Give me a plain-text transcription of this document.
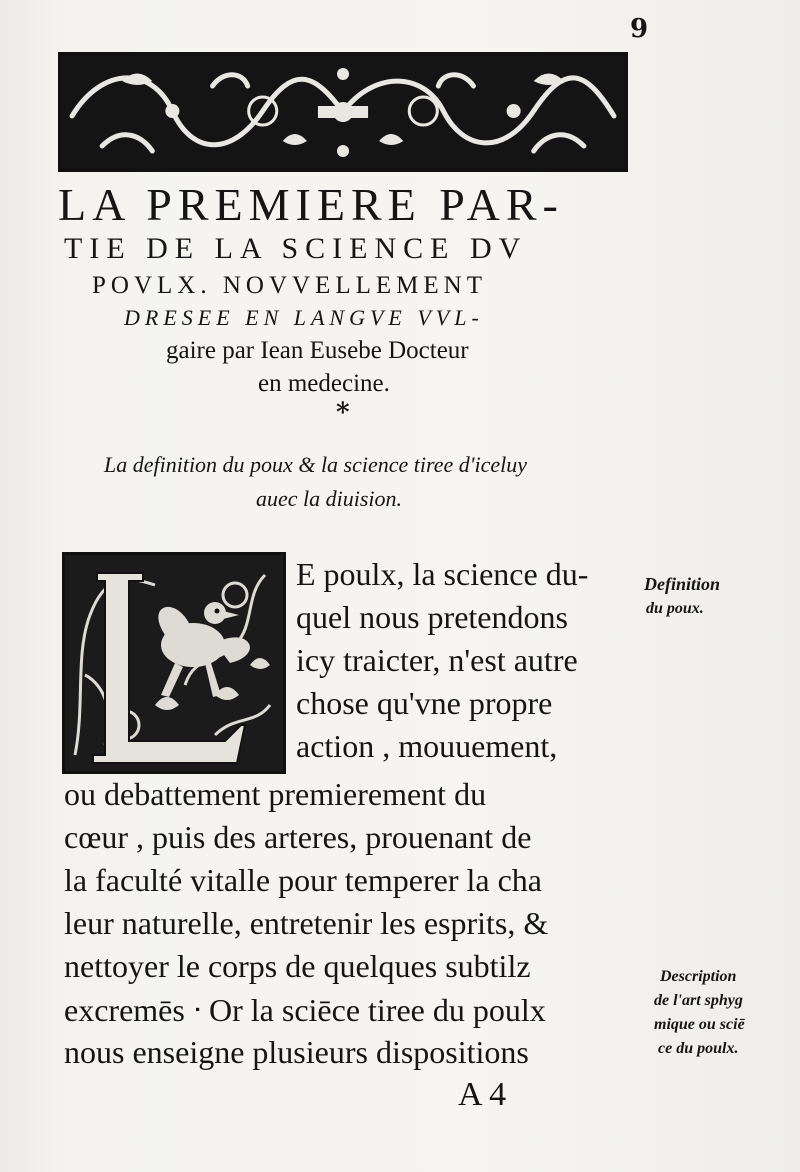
9
LA PREMIERE PAR-
TIE DE LA SCIENCE DV
POVLX. NOVVELLEMENT
DRESEE EN LANGVE VVL-
gaire par Iean Eusebe Docteur
en medecine.
*
La definition du poux & la science tiree d'iceluy
auec la diuision.
E poulx, la science du-
quel nous pretendons
icy traicter, n'est autre
chose qu'vne propre
action , mouuement,
ou debattement premierement du
cœur , puis des arteres, prouenant de
la faculté vitalle pour temperer la cha
leur naturelle, entretenir les esprits, &
nettoyer le corps de quelques subtilz
excremēs ᐧ Or la sciēce tiree du poulx
nous enseigne plusieurs dispositions
Definition
du poux.
Description
de l'art sphyg
mique ou sciē
ce du poulx.
A 4
